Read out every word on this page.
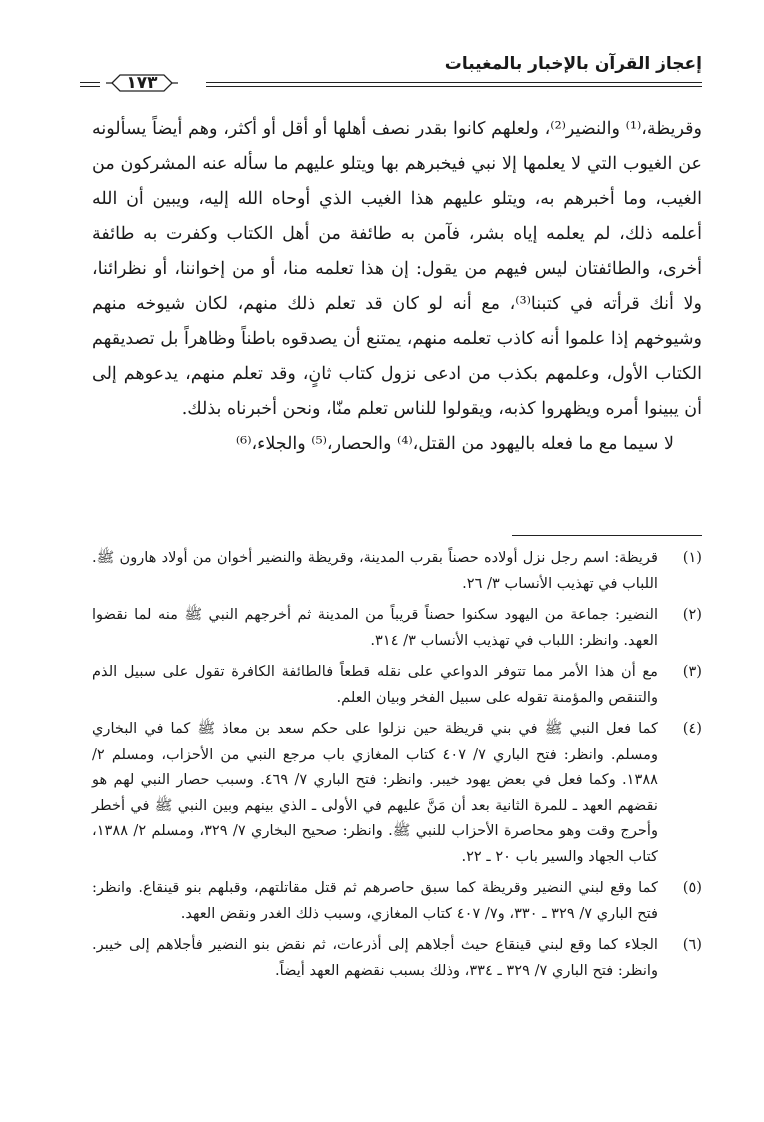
إعجاز القرآن بالإخبار بالمغيبات
١٧٣

وقريظة،⁽¹⁾ والنضير⁽²⁾، ولعلهم كانوا بقدر نصف أهلها أو أقل أو أكثر، وهم أيضاً يسألونه عن الغيوب التي لا يعلمها إلا نبي فيخبرهم بها ويتلو عليهم ما سأله عنه المشركون من الغيب، وما أخبرهم به، ويتلو عليهم هذا الغيب الذي أوحاه الله إليه، ويبين أن الله أعلمه ذلك، لم يعلمه إياه بشر، فآمن به طائفة من أهل الكتاب وكفرت به طائفة أخرى، والطائفتان ليس فيهم من يقول: إن هذا تعلمه منا، أو من إخواننا، أو نظرائنا، ولا أنك قرأته في كتبنا⁽³⁾، مع أنه لو كان قد تعلم ذلك منهم، لكان شيوخه منهم وشيوخهم إذا علموا أنه كاذب تعلمه منهم، يمتنع أن يصدقوه باطناً وظاهراً بل تصديقهم الكتاب الأول، وعلمهم بكذب من ادعى نزول كتاب ثانٍ، وقد تعلم منهم، يدعوهم إلى أن يبينوا أمره ويظهروا كذبه، ويقولوا للناس تعلم منّا، ونحن أخبرناه بذلك.

لا سيما مع ما فعله باليهود من القتل،⁽⁴⁾ والحصار،⁽⁵⁾ والجلاء،⁽⁶⁾

(١)
قريظة: اسم رجل نزل أولاده حصناً بقرب المدينة، وقريظة والنضير أخوان من أولاد هارون ﷺ. اللباب في تهذيب الأنساب ٣/ ٢٦.
(٢)
النضير: جماعة من اليهود سكنوا حصناً قريباً من المدينة ثم أخرجهم النبي ﷺ منه لما نقضوا العهد. وانظر: اللباب في تهذيب الأنساب ٣/ ٣١٤.
(٣)
مع أن هذا الأمر مما تتوفر الدواعي على نقله قطعاً فالطائفة الكافرة تقول على سبيل الذم والتنقص والمؤمنة تقوله على سبيل الفخر وبيان العلم.
(٤)
كما فعل النبي ﷺ في بني قريظة حين نزلوا على حكم سعد بن معاذ ﷺ كما في البخاري ومسلم. وانظر: فتح الباري ٧/ ٤٠٧ كتاب المغازي باب مرجع النبي من الأحزاب، ومسلم ٢/ ١٣٨٨. وكما فعل في بعض يهود خيبر. وانظر: فتح الباري ٧/ ٤٦٩. وسبب حصار النبي لهم هو نقضهم العهد ـ للمرة الثانية بعد أن مَنَّ عليهم في الأولى ـ الذي بينهم وبين النبي ﷺ في أخطر وأحرج وقت وهو محاصرة الأحزاب للنبي ﷺ. وانظر: صحيح البخاري ٧/ ٣٢٩، ومسلم ٢/ ١٣٨٨، كتاب الجهاد والسير باب ٢٠ ـ ٢٢.
(٥)
كما وقع لبني النضير وقريظة كما سبق حاصرهم ثم قتل مقاتلتهم، وقبلهم بنو قينقاع. وانظر: فتح الباري ٧/ ٣٢٩ ـ ٣٣٠، و٧/ ٤٠٧ كتاب المغازي، وسبب ذلك الغدر ونقض العهد.
(٦)
الجلاء كما وقع لبني قينقاع حيث أجلاهم إلى أذرعات، ثم نقض بنو النضير فأجلاهم إلى خيبر. وانظر: فتح الباري ٧/ ٣٢٩ ـ ٣٣٤، وذلك بسبب نقضهم العهد أيضاً.
